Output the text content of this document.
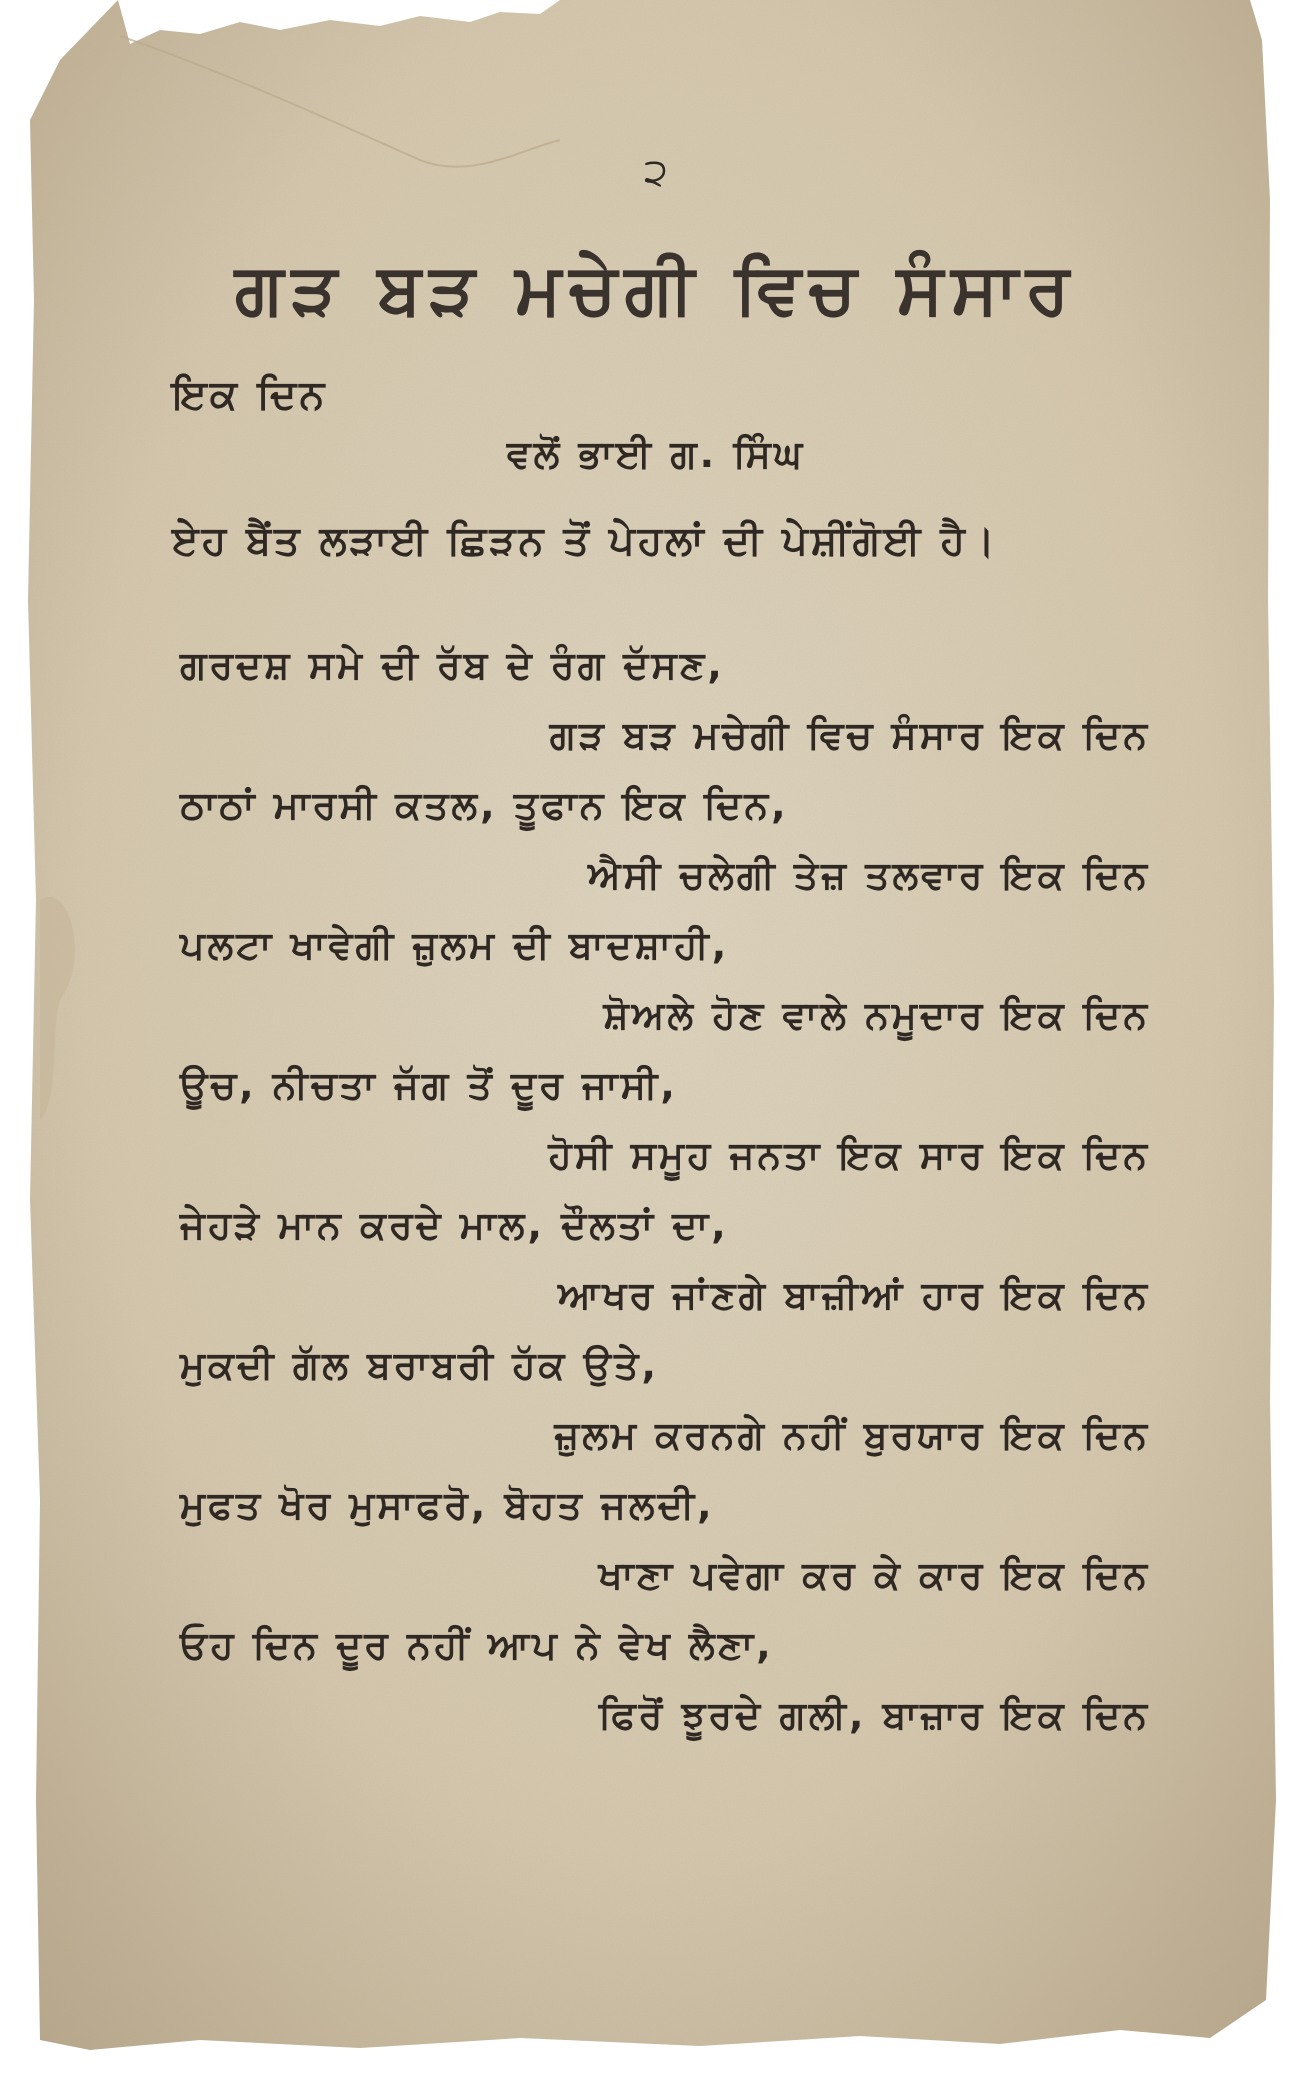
੨
ਗੜ ਬੜ ਮਚੇਗੀ ਵਿਚ ਸੰਸਾਰ
ਇਕ ਦਿਨ
ਵਲੋਂ ਭਾਈ ਗ. ਸਿੰਘ
ਏਹ ਬੈਂਤ ਲੜਾਈ ਛਿੜਨ ਤੋਂ ਪੇਹਲਾਂ ਦੀ ਪੇਸ਼ੀਂਗੋਈ ਹੈ।
ਗਰਦਸ਼ ਸਮੇ ਦੀ ਰੱਬ ਦੇ ਰੰਗ ਦੱਸਣ,
ਗੜ ਬੜ ਮਚੇਗੀ ਵਿਚ ਸੰਸਾਰ ਇਕ ਦਿਨ
ਠਾਠਾਂ ਮਾਰਸੀ ਕਤਲ, ਤੂਫਾਨ ਇਕ ਦਿਨ,
ਐਸੀ ਚਲੇਗੀ ਤੇਜ਼ ਤਲਵਾਰ ਇਕ ਦਿਨ
ਪਲਟਾ ਖਾਵੇਗੀ ਜ਼ੁਲਮ ਦੀ ਬਾਦਸ਼ਾਹੀ,
ਸ਼ੋਅਲੇ ਹੋਣ ਵਾਲੇ ਨਮੂਦਾਰ ਇਕ ਦਿਨ
ਊਚ, ਨੀਚਤਾ ਜੱਗ ਤੋਂ ਦੂਰ ਜਾਸੀ,
ਹੋਸੀ ਸਮੂਹ ਜਨਤਾ ਇਕ ਸਾਰ ਇਕ ਦਿਨ
ਜੇਹੜੇ ਮਾਨ ਕਰਦੇ ਮਾਲ, ਦੌਲਤਾਂ ਦਾ,
ਆਖਰ ਜਾਂਣਗੇ ਬਾਜ਼ੀਆਂ ਹਾਰ ਇਕ ਦਿਨ
ਮੁਕਦੀ ਗੱਲ ਬਰਾਬਰੀ ਹੱਕ ਉਤੇ,
ਜ਼ੁਲਮ ਕਰਨਗੇ ਨਹੀਂ ਬੁਰਯਾਰ ਇਕ ਦਿਨ
ਮੁਫਤ ਖੋਰ ਮੁਸਾਫਰੋ, ਬੋਹਤ ਜਲਦੀ,
ਖਾਣਾ ਪਵੇਗਾ ਕਰ ਕੇ ਕਾਰ ਇਕ ਦਿਨ
ਓਹ ਦਿਨ ਦੂਰ ਨਹੀਂ ਆਪ ਨੇ ਵੇਖ ਲੈਣਾ,
ਫਿਰੋਂ ਝੂਰਦੇ ਗਲੀ, ਬਾਜ਼ਾਰ ਇਕ ਦਿਨ
